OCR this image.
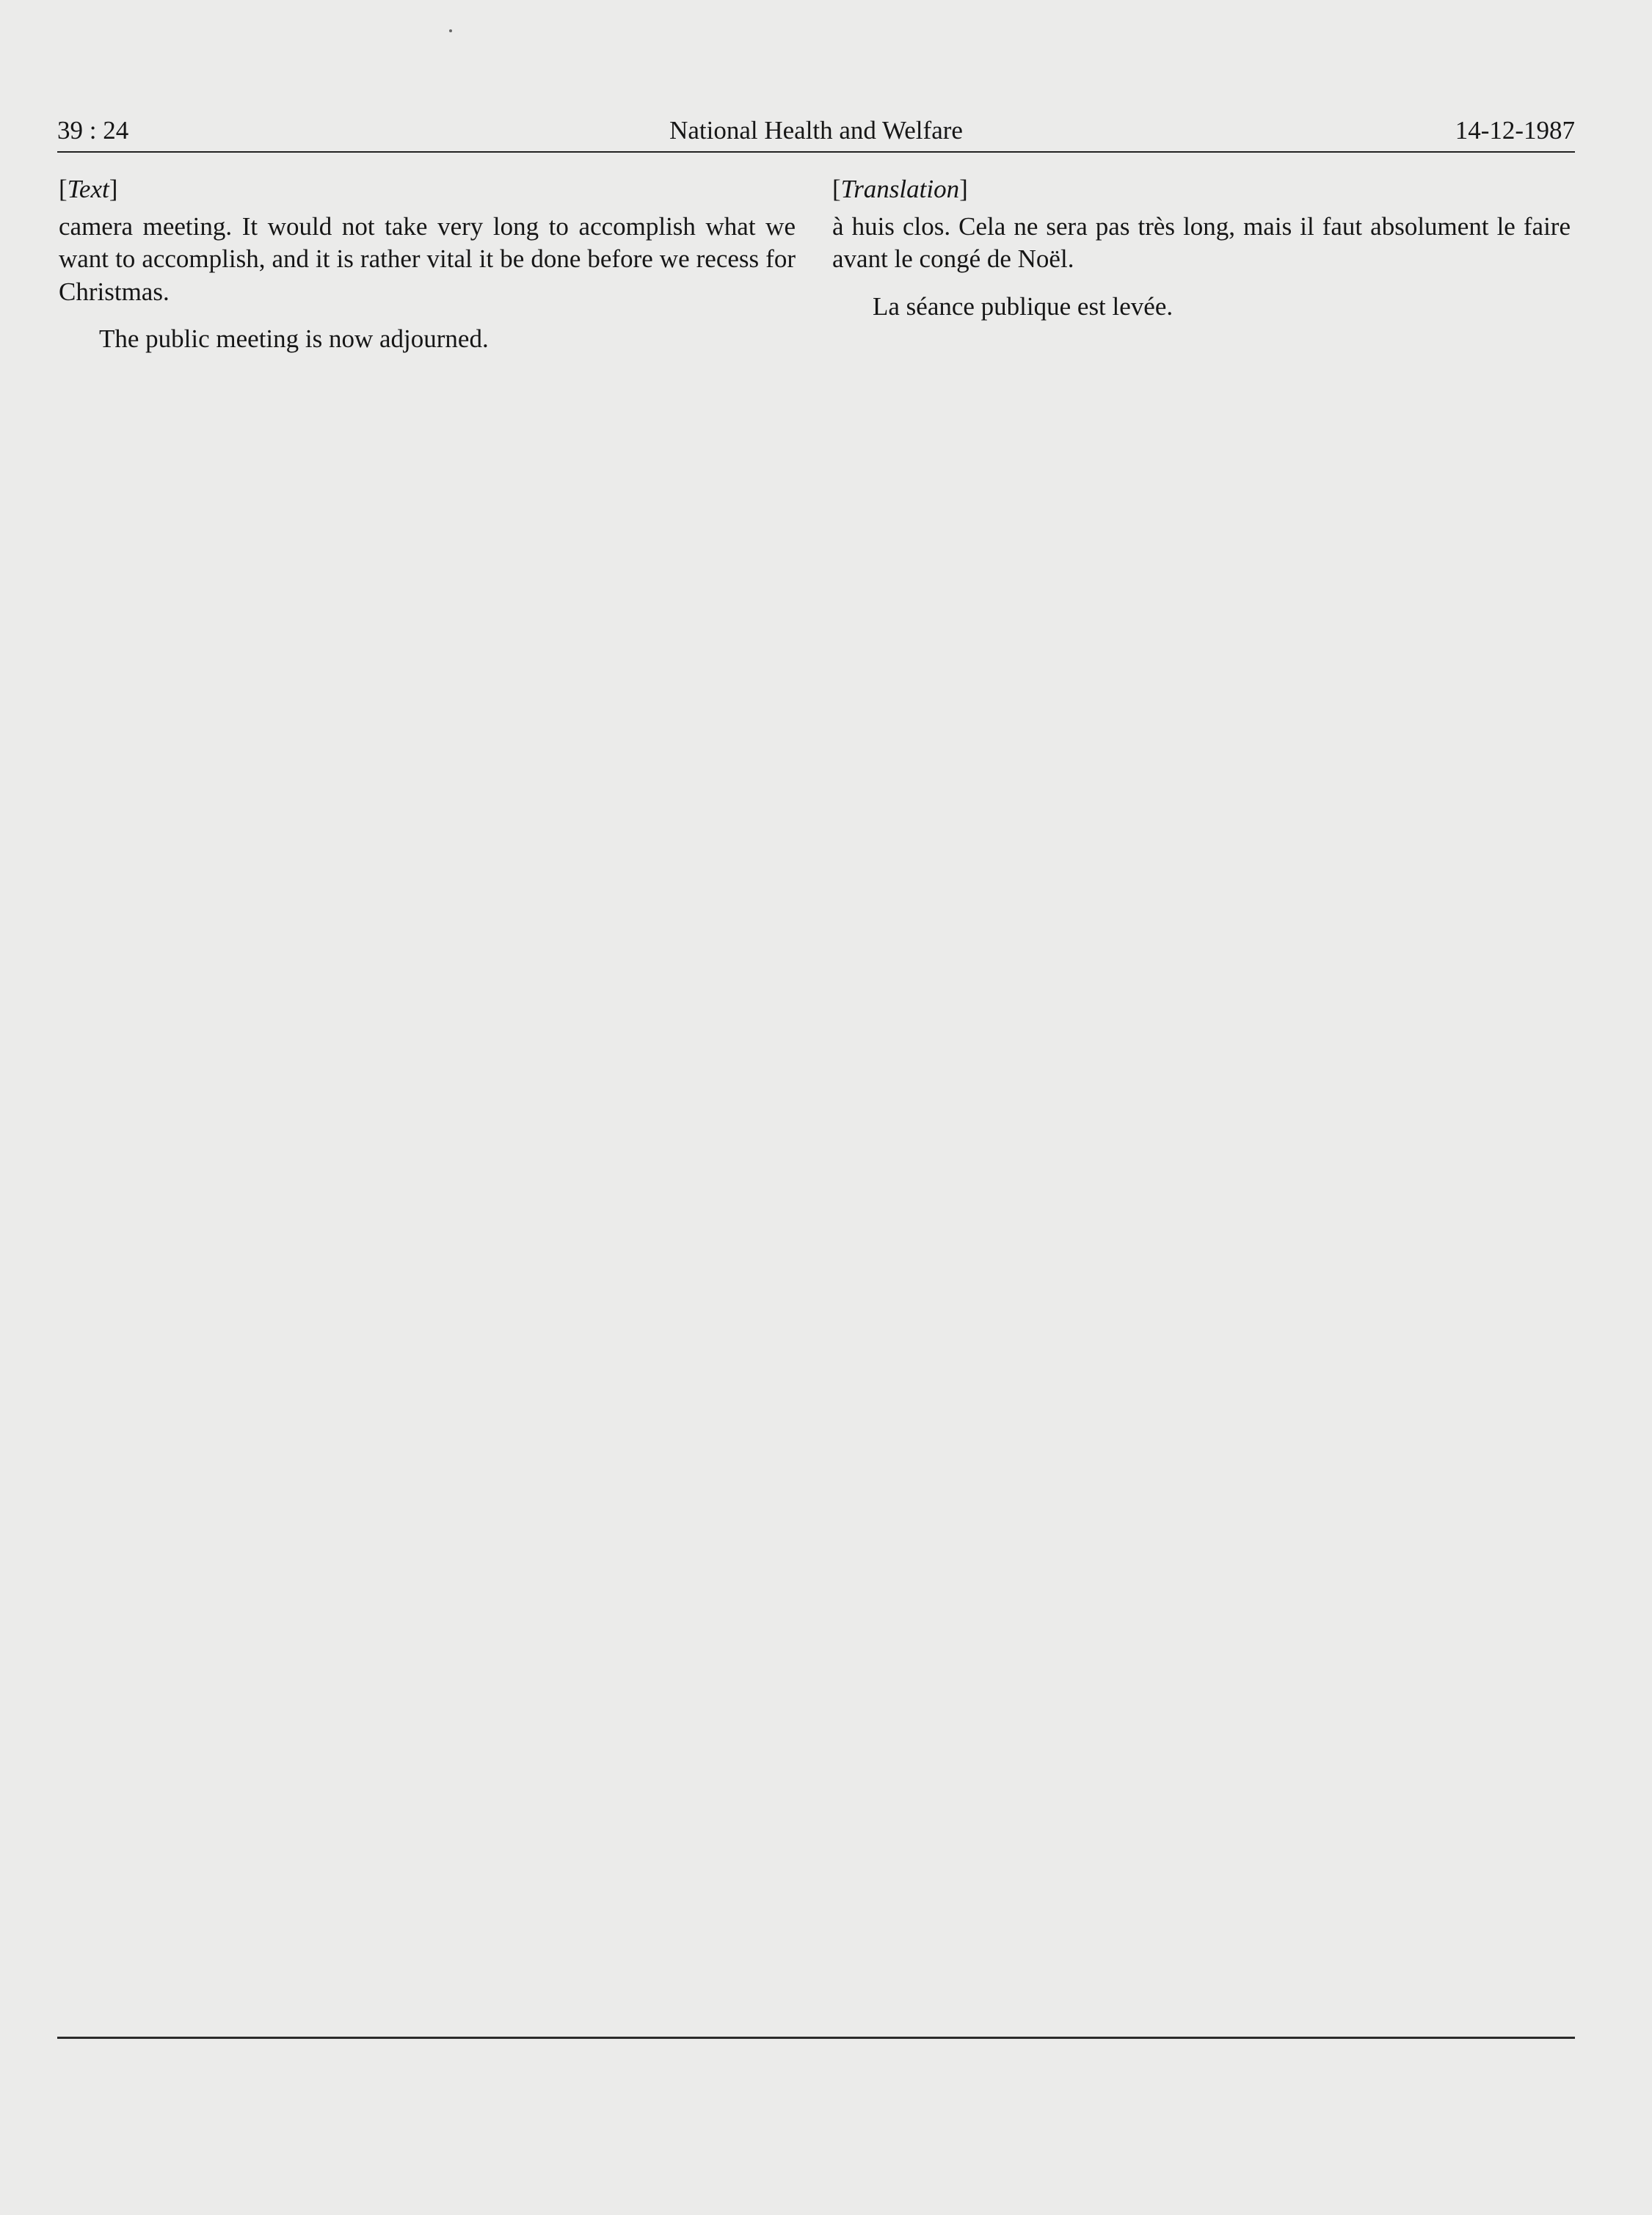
39 : 24	National Health and Welfare	14-12-1987

[Text]

camera meeting. It would not take very long to accomplish what we want to accomplish, and it is rather vital it be done before we recess for Christmas.

The public meeting is now adjourned.

[Translation]

à huis clos. Cela ne sera pas très long, mais il faut absolument le faire avant le congé de Noël.

La séance publique est levée.
